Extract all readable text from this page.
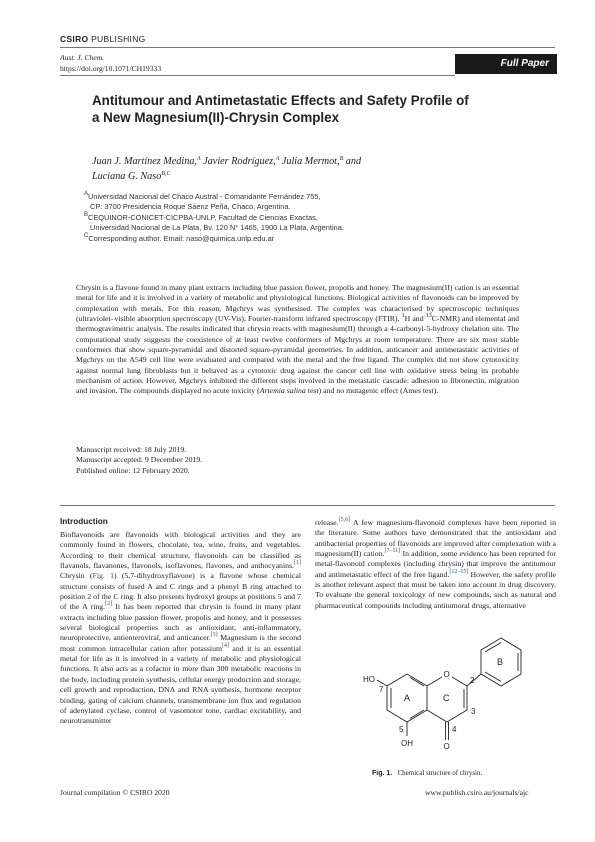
CSIRO PUBLISHING
Aust. J. Chem.
https://doi.org/10.1071/CH19333	Full Paper
Antitumour and Antimetastatic Effects and Safety Profile of
a New Magnesium(II)-Chrysin Complex
Juan J. Martínez Medina,$^A$ Javier Rodríguez,$^A$ Julia Mermot,$^B$ and
Luciana G. Naso$^{B,C}$
$^A$Universidad Nacional del Chaco Austral - Comandante Fernández 755,
CP: 3700 Presidencia Roque Sáenz Peña, Chaco, Argentina.
$^B$CEQUINOR-CONICET-CICPBA-UNLP, Facultad de Ciencias Exactas,
Universidad Nacional de La Plata, Bv. 120 N° 1465, 1900 La Plata, Argentina.
$^C$Corresponding author. Email: naso@quimica.unlp.edu.ar
Chrysin is a flavone found in many plant extracts including blue passion flower, propolis and honey. The magnesium(II) cation is an essential metal for life and it is involved in a variety of metabolic and physiological functions. Biological activities of flavonoids can be improved by complexation with metals. For this reason, Mgchrys was synthesised. The complex was characterised by spectroscopic techniques (ultraviolet–visible absorption spectroscopy (UV-Vis), Fourier-transform infrared spectroscopy (FTIR), $^1$H and $^{13}$C-NMR) and elemental and thermogravimetric analysis. The results indicated that chrysin reacts with magnesium(II) through a 4-carbonyl-5-hydroxy chelation site. The computational study suggests the coexistence of at least twelve conformers of Mgchrys at room temperature. There are six most stable conformers that show square-pyramidal and distorted square-pyramidal geometries. In addition, anticancer and antimetastatic activities of Mgchrys on the A549 cell line were evaluated and compared with the metal and the free ligand. The complex did not show cytotoxicity against normal lung fibroblasts but it behaved as a cytotoxic drug against the cancer cell line with oxidative stress being its probable mechanism of action. However, Mgchrys inhibited the different steps involved in the metastatic cascade: adhesion to fibronectin, migration and invasion. The compounds displayed no acute toxicity (Artemia salina test) and no mutagenic effect (Ames test).
Manuscript received: 18 July 2019.
Manuscript accepted: 9 December 2019.
Published online: 12 February 2020.
Introduction
Bioflavonoids are flavonoids with biological activities and they are commonly found in flowers, chocolate, tea, wine, fruits, and vegetables. According to their chemical structure, flavonoids can be classified as flavanols, flavanones, flavonols, isoflavones, flavones, and anthocyanins.[1] Chrysin (Fig. 1) (5,7-dihydroxyflavone) is a flavone whose chemical structure consists of fused A and C rings and a phenyl B ring attached to position 2 of the C ring. It also presents hydroxyl groups at positions 5 and 7 of the A ring.[2] It has been reported that chrysin is found in many plant extracts including blue passion flower, propolis and honey, and it possesses several biological properties such as antioxidant, anti-inflammatory, neuroprotective, antienteroviral, and anticancer.[3] Magnesium is the second most common intracellular cation after potassium[4] and it is an essential metal for life as it is involved in a variety of metabolic and physiological functions. It also acts as a cofactor in more than 300 metabolic reactions in the body, including protein synthesis, cellular energy production and storage, cell growth and reproduction, DNA and RNA synthesis, hormone receptor binding, gating of calcium channels, transmembrane ion flux and regulation of adenylated cyclase, control of vasomotor tone, cardiac excitability, and neurotransmitter
release.[5,6] A few magnesium-flavonoid complexes have been reported in the literature. Some authors have demonstrated that the antioxidant and antibacterial properties of flavonoids are improved after complexation with a magnesium(II) cation.[7–11] In addition, some evidence has been reported for metal-flavonoid complexes (including chrysin) that improve the antitumour and antimetastatic effect of the free ligand.[12–15] However, the safety profile is another relevant aspect that must be taken into account in drug discovery. To evaluate the general toxicology of new compounds, such as natural and pharmaceutical compounds including antitumoral drugs, alternative
O
HO
OH	O
7
5
2
3
4
A	C
B
Fig. 1. Chemical structure of chrysin.
Journal compilation © CSIRO 2020	www.publish.csiro.au/journals/ajc
